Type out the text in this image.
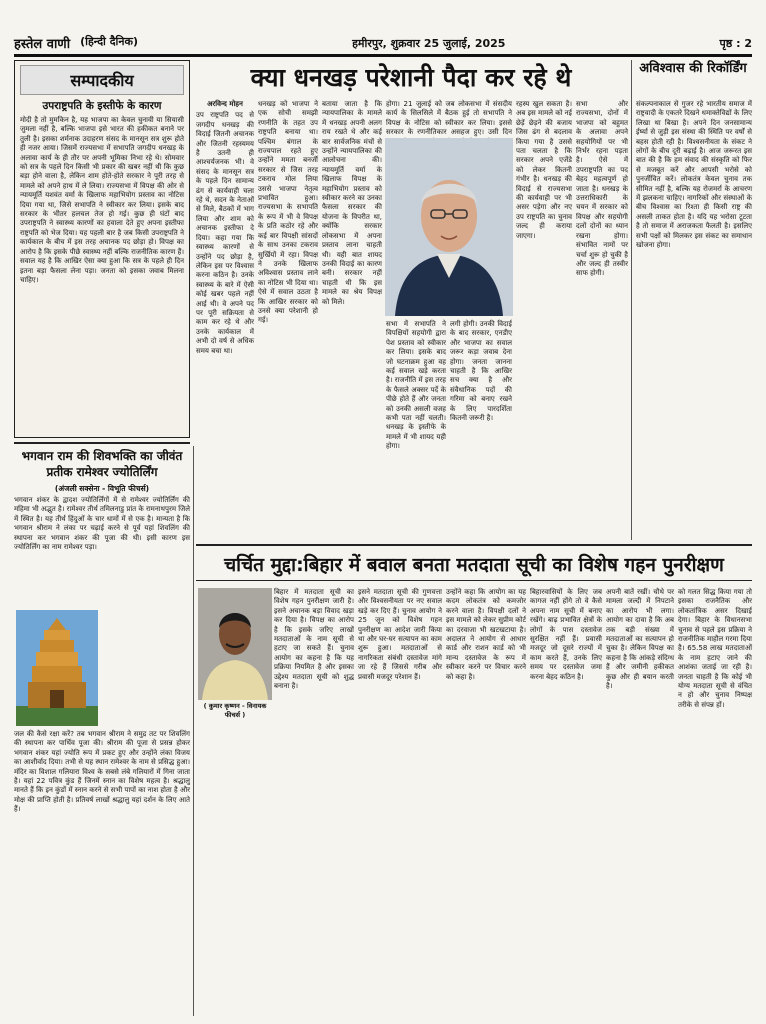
हस्तेल वाणी (हिन्दी दैनिक)	हमीरपुर, शुक्रवार 25 जुलाई, 2025	पृष्ठ : 2
सम्पादकीय
उपराष्ट्रपति के इस्तीफे के कारण
मोदी है तो मुमकिन है, यह भाजपा का केवल चुनावी या सियासी जुमला नहीं है, बल्कि भाजपा इसे भारत की हकीकत बनाने पर तुली है। इसका शर्मनाक उदाहरण संसद के मानसून सत्र शुरू होते ही नजर आया। जिसमें राज्यसभा में सभापति जगदीप धनखड़ के अलावा कार्य के ही तौर पर अपनी भूमिका निभा रहे थे। सोमवार को सत्र के पहले दिन किसी भी प्रकार की खबर नहीं थी कि कुछ बड़ा होने वाला है, लेकिन शाम होते-होते सरकार ने पूरी तरह से मामले को अपने हाथ में ले लिया। राज्यसभा में विपक्ष की ओर से न्यायमूर्ति यशवंत वर्मा के खिलाफ महाभियोग प्रस्ताव का नोटिस दिया गया था, जिसे सभापति ने स्वीकार कर लिया। इसके बाद सरकार के भीतर हलचल तेज हो गई। कुछ ही घंटों बाद उपराष्ट्रपति ने स्वास्थ्य कारणों का हवाला देते हुए अपना इस्तीफा राष्ट्रपति को भेज दिया। यह पहली बार है जब किसी उपराष्ट्रपति ने कार्यकाल के बीच में इस तरह अचानक पद छोड़ा हो। विपक्ष का आरोप है कि इसके पीछे स्वास्थ्य नहीं बल्कि राजनीतिक कारण हैं। सवाल यह है कि आखिर ऐसा क्या हुआ कि सत्र के पहले ही दिन इतना बड़ा फैसला लेना पड़ा। जनता को इसका जवाब मिलना चाहिए।
क्या धनखड़ परेशानी पैदा कर रहे थे
अरविन्द मोहन
उप राष्ट्रपति पद से जगदीप धनखड़ की विदाई जितनी अचानक और जितनी रहस्यमय है उतनी ही आश्चर्यजनक भी। वे संसद के मानसून सत्र के पहले दिन सामान्य ढंग से कार्यवाही चला रहे थे, सदन के नेताओं से मिले, बैठकों में भाग लिया और शाम को अचानक इस्तीफा दे दिया। कहा गया कि स्वास्थ्य कारणों से उन्होंने पद छोड़ा है, लेकिन इस पर विश्वास करना कठिन है। उनके स्वास्थ्य के बारे में ऐसी कोई खबर पहले नहीं आई थी। वे अपने पद पर पूरी सक्रियता से काम कर रहे थे और उनके कार्यकाल में अभी दो वर्ष से अधिक समय बचा था।
धनखड़ को भाजपा ने एक सोची समझी रणनीति के तहत उप राष्ट्रपति बनाया था। पश्चिम बंगाल के राज्यपाल रहते हुए उन्होंने ममता बनर्जी सरकार से जिस तरह टकराव मोल लिया उससे भाजपा नेतृत्व प्रभावित हुआ। राज्यसभा के सभापति के रूप में भी वे विपक्ष के प्रति कठोर रहे और कई बार विपक्षी सांसदों के साथ उनका टकराव सुर्खियों में रहा। विपक्ष ने उनके खिलाफ अविश्वास प्रस्ताव लाने का नोटिस भी दिया था। ऐसे में सवाल उठता है कि आखिर सरकार को उनसे क्या परेशानी हो गई।
बताया जाता है कि न्यायपालिका के मामले में धनखड़ अपनी अलग राय रखते थे और कई बार सार्वजनिक मंचों से उन्होंने न्यायपालिका की आलोचना की। न्यायमूर्ति वर्मा के खिलाफ विपक्ष के महाभियोग प्रस्ताव को स्वीकार करने का उनका फैसला सरकार की योजना के विपरीत था, क्योंकि सरकार लोकसभा में अपना प्रस्ताव लाना चाहती थी। यही बात शायद उनकी विदाई का कारण बनी। सरकार नहीं चाहती थी कि इस मामले का श्रेय विपक्ष को मिले।
होगा। 21 जुलाई को जब लोकसभा में संसदीय कार्य के सिलसिले में बैठक हुई तो सभापति ने विपक्ष के नोटिस को स्वीकार कर लिया। इससे सरकार के रणनीतिकार असहज हुए। उसी दिन
सभा में सभापति ने विपक्षियों सहयोगी द्वारा पेश प्रस्ताव को स्वीकार कर लिया। इसके बाद जो घटनाक्रम हुआ वह कई सवाल खड़े करता है। राजनीति में इस तरह के फैसले अक्सर पर्दे के पीछे होते हैं और जनता को उनकी असली वजह कभी पता नहीं चलती। धनखड़ के इस्तीफे के मामले में भी शायद यही होगा।
लगी होगी। उनकी विदाई के बाद सरकार, एनडीए और भाजपा का सवाल जरूर कड़ा जवाब देना होगा। जनता जानना चाहती है कि आखिर सच क्या है और संवैधानिक पदों की गरिमा को बनाए रखने के लिए पारदर्शिता कितनी जरूरी है।
रहस्य खुल सकता है। अब इस मामले को नई छेड़ें छेड़ने की बजाय जिस ढंग से बदलाव किया गया है उससे पता चलता है कि सरकार अपने एजेंडे को लेकर कितनी गंभीर है। धनखड़ की विदाई से राज्यसभा की कार्यवाही पर भी असर पड़ेगा और नए उप राष्ट्रपति का चुनाव जल्द ही कराया जाएगा।
सभा और राज्यसभा, दोनों में भाजपा को बहुमत के अलावा अपने सहयोगियों पर भी निर्भर रहना पड़ता है। ऐसे में उपराष्ट्रपति का पद बेहद महत्वपूर्ण हो जाता है। धनखड़ के उत्तराधिकारी के चयन में सरकार को विपक्ष और सहयोगी दलों दोनों का ध्यान रखना होगा। संभावित नामों पर चर्चा शुरू हो चुकी है और जल्द ही तस्वीर साफ होगी।
अविश्वास की रिकॉर्डिंग
संकल्पनाकाल से गुजर रहे भारतीय समाज में राष्ट्रवादी के एकतरे दिखने धमाक्तेविद्यों के लिए लिखा था बिखा है। अपने दिन जनसामान्य ईर्ष्या से जुड़ी इस संस्था की स्थिति पर वर्षों से बहस होती रही है। विश्वसनीयता के संकट ने लोगों के बीच दूरी बढ़ाई है। आज जरूरत इस बात की है कि हम संवाद की संस्कृति को फिर से मजबूत करें और आपसी भरोसे को पुनर्जीवित करें। लोकतंत्र केवल चुनाव तक सीमित नहीं है, बल्कि यह रोजमर्रा के आचरण में झलकना चाहिए। नागरिकों और संस्थाओं के बीच विश्वास का रिश्ता ही किसी राष्ट्र की असली ताकत होता है। यदि यह भरोसा टूटता है तो समाज में अराजकता फैलती है। इसलिए सभी पक्षों को मिलकर इस संकट का समाधान खोजना होगा।
भगवान राम की शिवभक्ति का जीवंत प्रतीक रामेश्वर ज्योतिर्लिंग
(अंजली सक्सेना - विभूति फीचर्स)
भगवान शंकर के द्वादश ज्योतिर्लिंगों में से रामेश्वर ज्योतिर्लिंग की महिमा भी अद्भुत है। रामेश्वर तीर्थ तमिलनाडु प्रांत के रामनाथपुरम जिले में स्थित है। यह तीर्थ हिंदुओं के चार धामों में से एक है। मान्यता है कि भगवान श्रीराम ने लंका पर चढ़ाई करने से पूर्व यहां शिवलिंग की स्थापना कर भगवान शंकर की पूजा की थी। इसी कारण इस ज्योतिर्लिंग का नाम रामेश्वर पड़ा।
जल की कैसे रक्षा करें? तब भगवान श्रीराम ने समुद्र तट पर शिवलिंग की स्थापना कर पार्थिव पूजा की। श्रीराम की पूजा से प्रसन्न होकर भगवान शंकर यहां ज्योति रूप में प्रकट हुए और उन्होंने लंका विजय का आशीर्वाद दिया। तभी से यह स्थान रामेश्वर के नाम से प्रसिद्ध हुआ। मंदिर का विशाल गलियारा विश्व के सबसे लंबे गलियारों में गिना जाता है। यहां 22 पवित्र कुंड हैं जिनमें स्नान का विशेष महत्व है। श्रद्धालु मानते हैं कि इन कुंडों में स्नान करने से सभी पापों का नाश होता है और मोक्ष की प्राप्ति होती है। प्रतिवर्ष लाखों श्रद्धालु यहां दर्शन के लिए आते हैं।
चर्चित मुद्दा:बिहार में बवाल बनता मतदाता सूची का विशेष गहन पुनरीक्षण
( कुमार कृष्णन - विनायक फीचर्स )
बिहार में मतदाता सूची का विशेष गहन पुनरीक्षण जारी है। इसने अचानक बड़ा विवाद खड़ा कर दिया है। विपक्ष का आरोप है कि इसके जरिए लाखों मतदाताओं के नाम सूची से हटाए जा सकते हैं। चुनाव आयोग का कहना है कि यह प्रक्रिया नियमित है और इसका उद्देश्य मतदाता सूची को शुद्ध बनाना है।
इसने मतदाता सूची की गुणवत्ता और विश्वसनीयता पर नए सवाल खड़े कर दिए हैं। चुनाव आयोग ने 25 जून को विशेष गहन पुनरीक्षण का आदेश जारी किया था और घर-घर सत्यापन का काम शुरू हुआ। मतदाताओं से नागरिकता संबंधी दस्तावेज मांगे जा रहे हैं जिससे गरीब और प्रवासी मजदूर परेशान हैं।
उन्होंने कहा कि आयोग का यह कदम लोकतंत्र को कमजोर करने वाला है। विपक्षी दलों ने इस मामले को लेकर सुप्रीम कोर्ट का दरवाजा भी खटखटाया है। अदालत ने आयोग से आधार कार्ड और राशन कार्ड को भी मान्य दस्तावेज के रूप में स्वीकार करने पर विचार करने को कहा है।
बिहारवासियों के लिए जब कागज नहीं होंगे तो वे कैसे अपना नाम सूची में बनाए रखेंगे। बाढ़ प्रभावित क्षेत्रों के लोगों के पास दस्तावेज सुरक्षित नहीं हैं। प्रवासी मजदूर जो दूसरे राज्यों में काम करते हैं, उनके लिए समय पर दस्तावेज जमा करना बेहद कठिन है।
अपनी बातें रखीं। चौथे पर मामला जल्दी में निपटाने का आरोप भी लगा। आयोग का दावा है कि अब तक बड़ी संख्या में मतदाताओं का सत्यापन हो चुका है। लेकिन विपक्ष का कहना है कि आंकड़े संदिग्ध हैं और जमीनी हकीकत कुछ और ही बयान करती है।
को गलत सिद्ध किया गया तो इसका राजनैतिक और लोकतांत्रिक असर दिखाई देगा। बिहार के विधानसभा चुनाव से पहले इस प्रक्रिया ने राजनीतिक माहौल गरमा दिया है। 65.58 लाख मतदाताओं के नाम हटाए जाने की आशंका जताई जा रही है। जनता चाहती है कि कोई भी योग्य मतदाता सूची से वंचित न हो और चुनाव निष्पक्ष तरीके से संपन्न हों।
